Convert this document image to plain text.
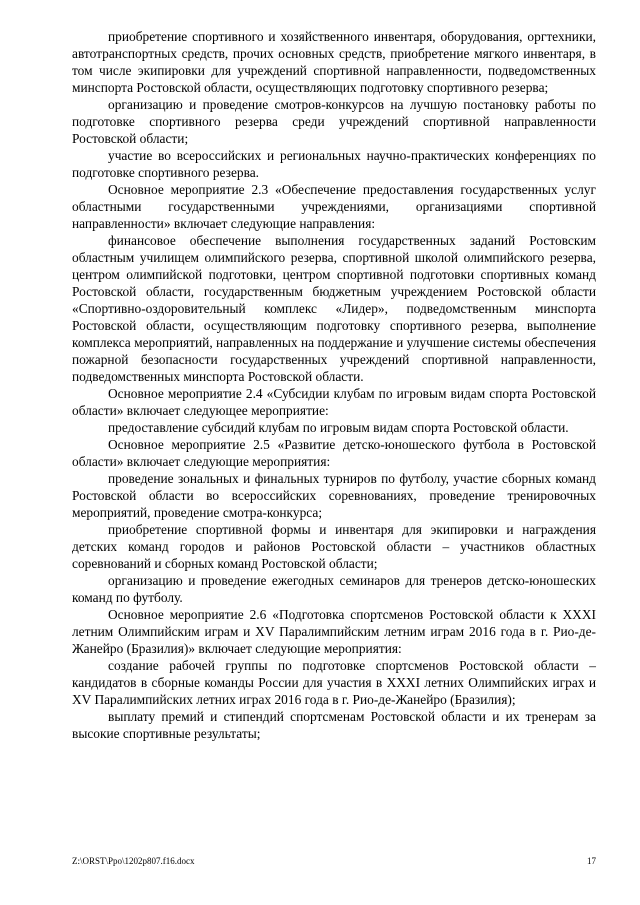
приобретение спортивного и хозяйственного инвентаря, оборудования, оргтехники, автотранспортных средств, прочих основных средств, приобретение мягкого инвентаря, в том числе экипировки для учреждений спортивной направленности, подведомственных минспорта Ростовской области, осуществляющих подготовку спортивного резерва;

организацию и проведение смотров-конкурсов на лучшую постановку работы по подготовке спортивного резерва среди учреждений спортивной направленности Ростовской области;

участие во всероссийских и региональных научно-практических конференциях по подготовке спортивного резерва.

Основное мероприятие 2.3 «Обеспечение предоставления государственных услуг областными государственными учреждениями, организациями спортивной направленности» включает следующие направления:

финансовое обеспечение выполнения государственных заданий Ростовским областным училищем олимпийского резерва, спортивной школой олимпийского резерва, центром олимпийской подготовки, центром спортивной подготовки спортивных команд Ростовской области, государственным бюджетным учреждением Ростовской области «Спортивно-оздоровительный комплекс «Лидер», подведомственным минспорта Ростовской области, осуществляющим подготовку спортивного резерва, выполнение комплекса мероприятий, направленных на поддержание и улучшение системы обеспечения пожарной безопасности государственных учреждений спортивной направленности, подведомственных минспорта Ростовской области.

Основное мероприятие 2.4 «Субсидии клубам по игровым видам спорта Ростовской области» включает следующее мероприятие:

предоставление субсидий клубам по игровым видам спорта Ростовской области.

Основное мероприятие 2.5 «Развитие детско-юношеского футбола в Ростовской области» включает следующие мероприятия:

проведение зональных и финальных турниров по футболу, участие сборных команд Ростовской области во всероссийских соревнованиях, проведение тренировочных мероприятий, проведение смотра-конкурса;

приобретение спортивной формы и инвентаря для экипировки и награждения детских команд городов и районов Ростовской области – участников областных соревнований и сборных команд Ростовской области;

организацию и проведение ежегодных семинаров для тренеров детско-юношеских команд по футболу.

Основное мероприятие 2.6 «Подготовка спортсменов Ростовской области к XXXI летним Олимпийским играм и XV Паралимпийским летним играм 2016 года в г. Рио-де-Жанейро (Бразилия)» включает следующие мероприятия:

создание рабочей группы по подготовке спортсменов Ростовской области – кандидатов в сборные команды России для участия в XXXI летних Олимпийских играх и XV Паралимпийских летних играх 2016 года в г. Рио-де-Жанейро (Бразилия);

выплату премий и стипендий спортсменам Ростовской области и их тренерам за высокие спортивные результаты;

Z:\ORST\Ppo\1202p807.f16.docx	17
